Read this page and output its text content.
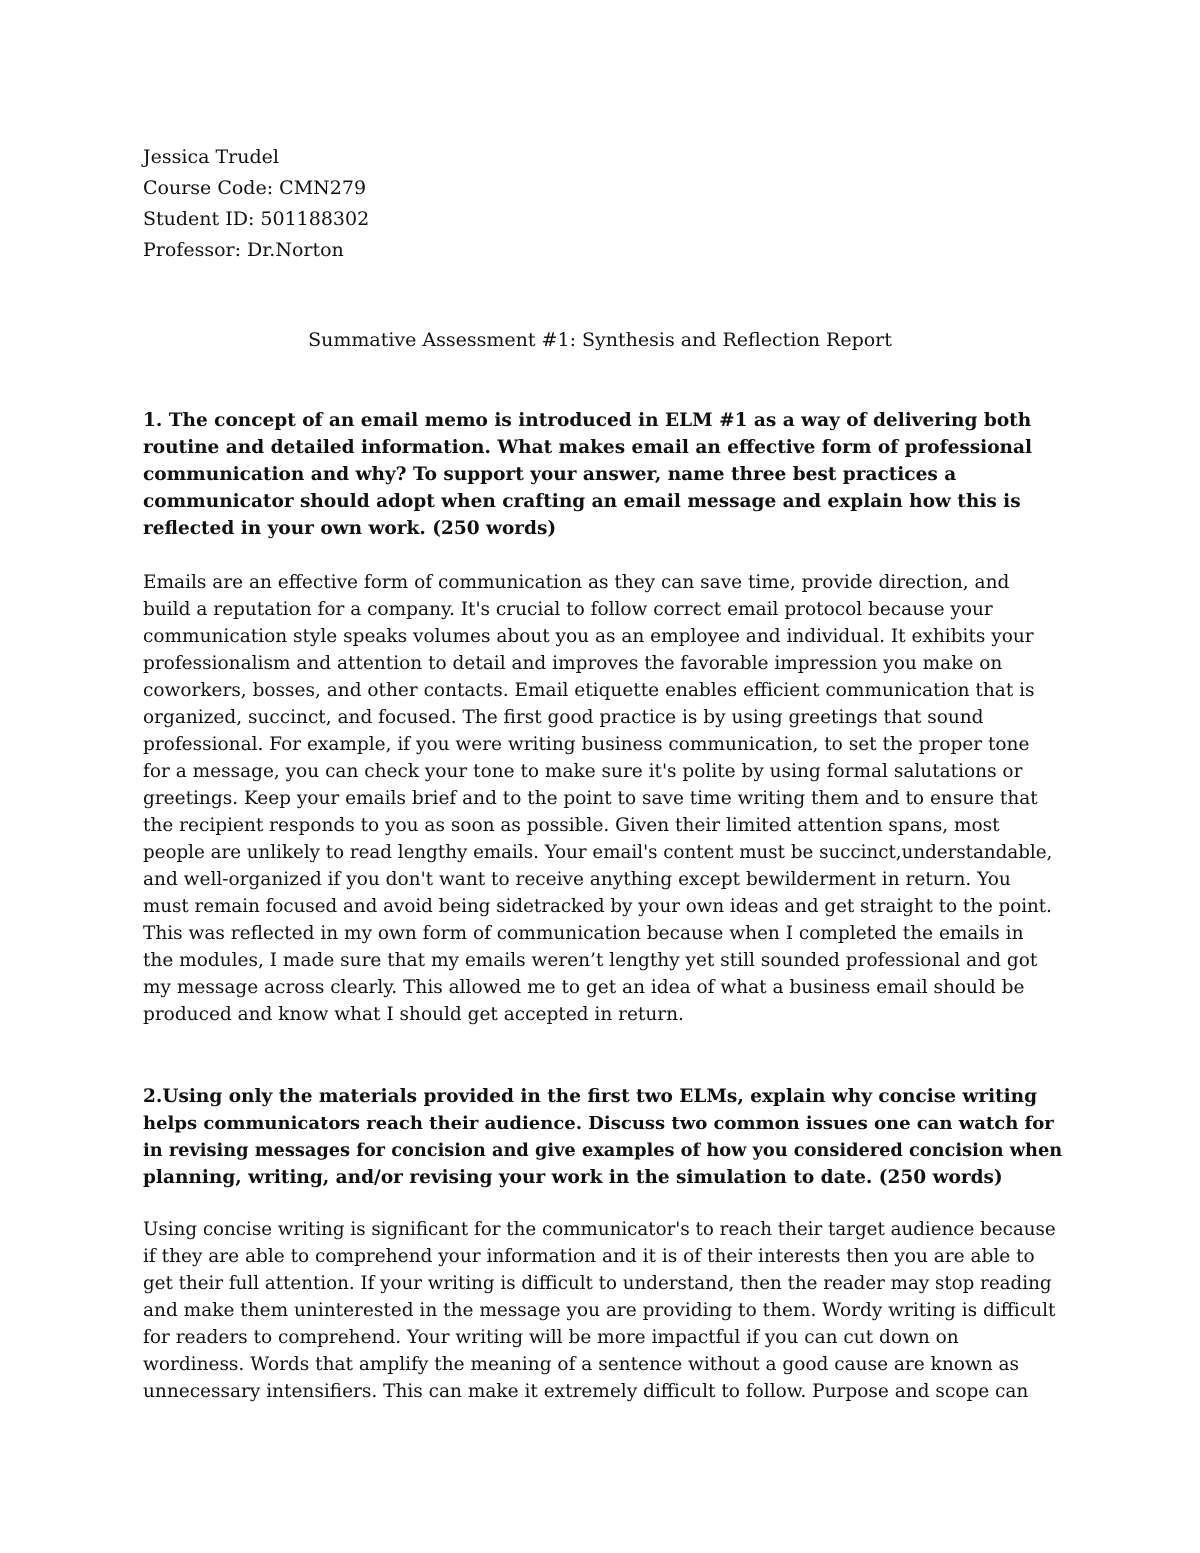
Jessica Trudel
Course Code: CMN279
Student ID: 501188302
Professor: Dr.Norton
Summative Assessment #1: Synthesis and Reflection Report
1. The concept of an email memo is introduced in ELM #1 as a way of delivering both
routine and detailed information. What makes email an effective form of professional
communication and why? To support your answer, name three best practices a
communicator should adopt when crafting an email message and explain how this is
reflected in your own work. (250 words)
Emails are an effective form of communication as they can save time, provide direction, and
build a reputation for a company. It's crucial to follow correct email protocol because your
communication style speaks volumes about you as an employee and individual. It exhibits your
professionalism and attention to detail and improves the favorable impression you make on
coworkers, bosses, and other contacts. Email etiquette enables efficient communication that is
organized, succinct, and focused. The first good practice is by using greetings that sound
professional. For example, if you were writing business communication, to set the proper tone
for a message, you can check your tone to make sure it's polite by using formal salutations or
greetings. Keep your emails brief and to the point to save time writing them and to ensure that
the recipient responds to you as soon as possible. Given their limited attention spans, most
people are unlikely to read lengthy emails. Your email's content must be succinct,understandable,
and well-organized if you don't want to receive anything except bewilderment in return. You
must remain focused and avoid being sidetracked by your own ideas and get straight to the point.
This was reflected in my own form of communication because when I completed the emails in
the modules, I made sure that my emails weren’t lengthy yet still sounded professional and got
my message across clearly. This allowed me to get an idea of what a business email should be
produced and know what I should get accepted in return.
2.Using only the materials provided in the first two ELMs, explain why concise writing
helps communicators reach their audience. Discuss two common issues one can watch for
in revising messages for concision and give examples of how you considered concision when
planning, writing, and/or revising your work in the simulation to date. (250 words)
Using concise writing is significant for the communicator's to reach their target audience because
if they are able to comprehend your information and it is of their interests then you are able to
get their full attention. If your writing is difficult to understand, then the reader may stop reading
and make them uninterested in the message you are providing to them. Wordy writing is difficult
for readers to comprehend. Your writing will be more impactful if you can cut down on
wordiness. Words that amplify the meaning of a sentence without a good cause are known as
unnecessary intensifiers. This can make it extremely difficult to follow. Purpose and scope can
